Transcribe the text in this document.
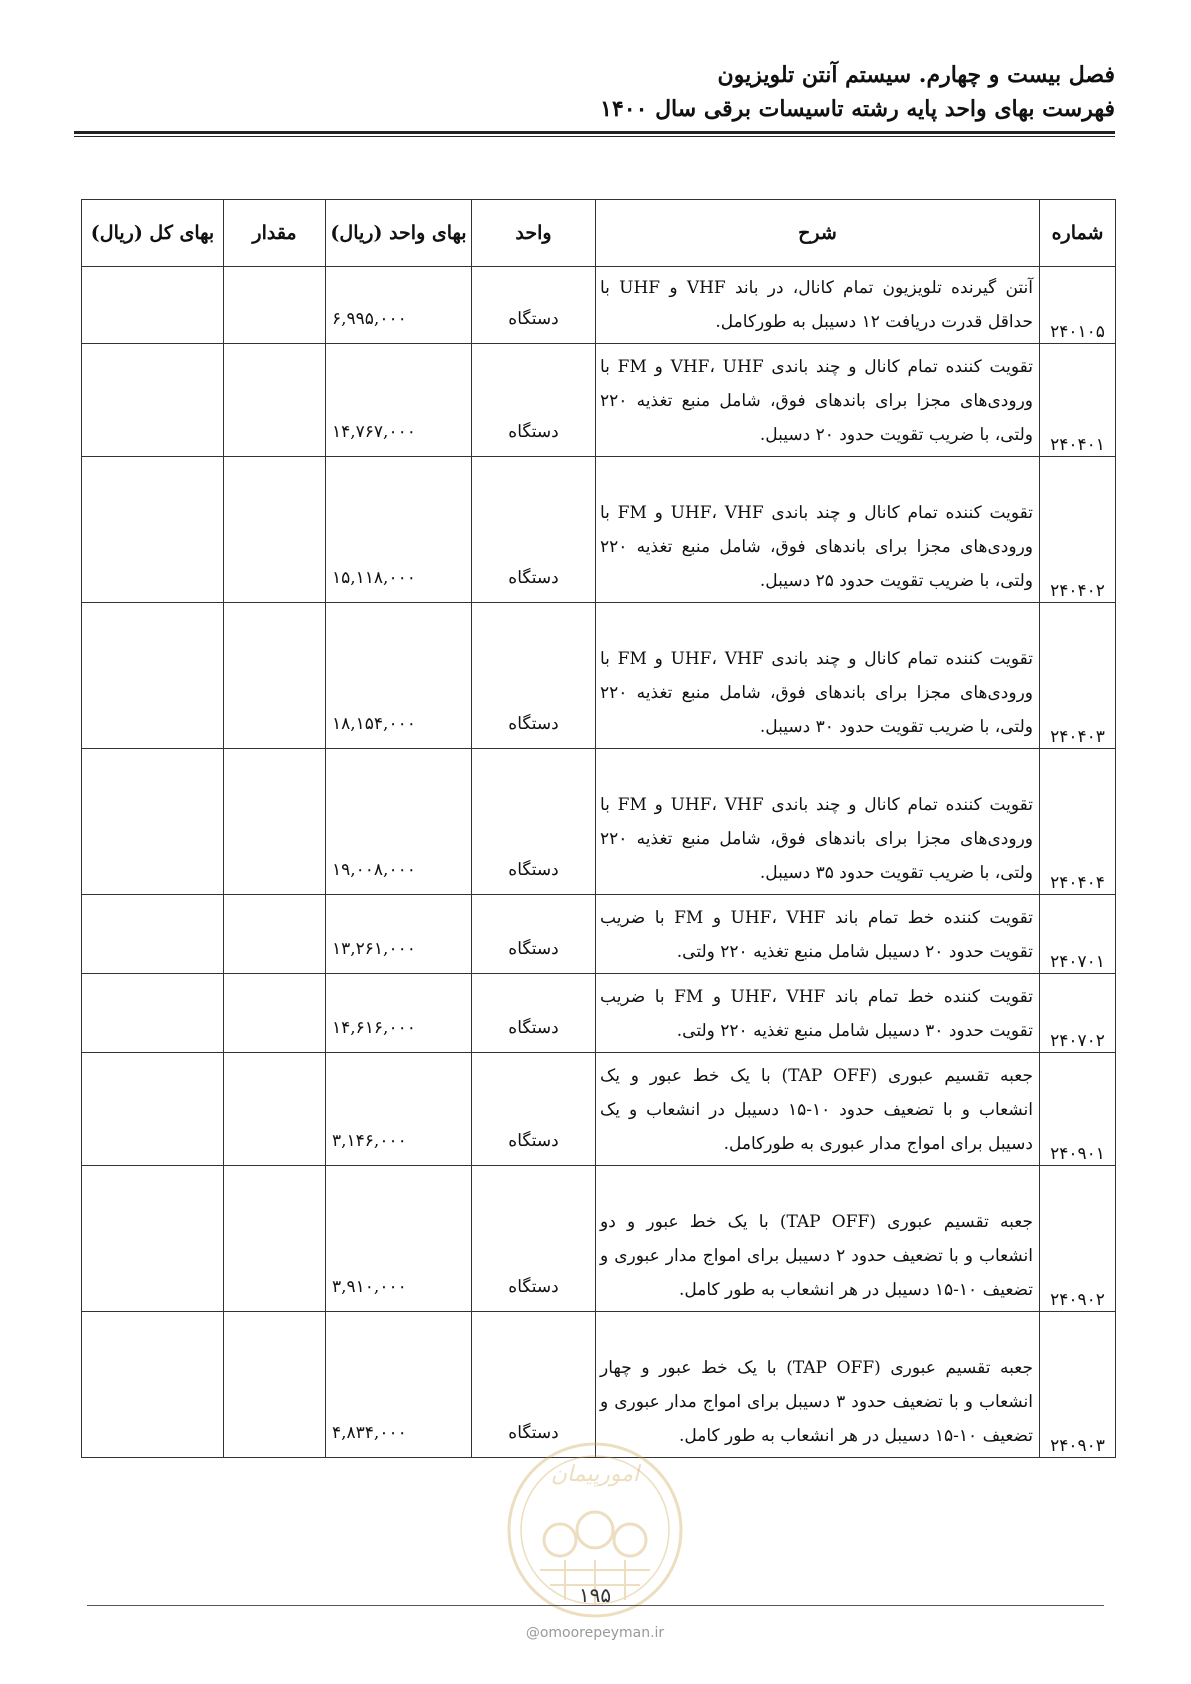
فصل بیست و چهارم. سیستم آنتن تلویزیون
فهرست بهای واحد پایه رشته تاسیسات برقی سال ۱۴۰۰
شماره	شرح	واحد	بهای واحد (ریال)	مقدار	بهای کل (ریال)
۲۴۰۱۰۵	آنتن گیرنده تلویزیون تمام کانال، در باند VHF و UHF با حداقل قدرت دریافت ۱۲ دسیبل به طورکامل.	دستگاه	۶,۹۹۵,۰۰۰		
۲۴۰۴۰۱	تقویت کننده تمام کانال و چند باندی VHF، UHF و FM با ورودی‌های مجزا برای باندهای فوق، شامل منبع تغذیه ۲۲۰ ولتی، با ضریب تقویت حدود ۲۰ دسیبل.	دستگاه	۱۴,۷۶۷,۰۰۰		
۲۴۰۴۰۲	تقویت کننده تمام کانال و چند باندی UHF، VHF و FM با ورودی‌های مجزا برای باندهای فوق، شامل منبع تغذیه ۲۲۰ ولتی، با ضریب تقویت حدود ۲۵ دسیبل.	دستگاه	۱۵,۱۱۸,۰۰۰		
۲۴۰۴۰۳	تقویت کننده تمام کانال و چند باندی UHF، VHF و FM با ورودی‌های مجزا برای باندهای فوق، شامل منبع تغذیه ۲۲۰ ولتی، با ضریب تقویت حدود ۳۰ دسیبل.	دستگاه	۱۸,۱۵۴,۰۰۰		
۲۴۰۴۰۴	تقویت کننده تمام کانال و چند باندی UHF، VHF و FM با ورودی‌های مجزا برای باندهای فوق، شامل منبع تغذیه ۲۲۰ ولتی، با ضریب تقویت حدود ۳۵ دسیبل.	دستگاه	۱۹,۰۰۸,۰۰۰		
۲۴۰۷۰۱	تقویت کننده خط تمام باند UHF، VHF و FM با ضریب تقویت حدود ۲۰ دسیبل شامل منبع تغذیه ۲۲۰ ولتی.	دستگاه	۱۳,۲۶۱,۰۰۰		
۲۴۰۷۰۲	تقویت کننده خط تمام باند UHF، VHF و FM با ضریب تقویت حدود ۳۰ دسیبل شامل منبع تغذیه ۲۲۰ ولتی.	دستگاه	۱۴,۶۱۶,۰۰۰		
۲۴۰۹۰۱	جعبه تقسیم عبوری (TAP OFF) با یک خط عبور و یک انشعاب و با تضعیف حدود ۱۰-۱۵ دسیبل در انشعاب و یک دسیبل برای امواج مدار عبوری به طورکامل.	دستگاه	۳,۱۴۶,۰۰۰		
۲۴۰۹۰۲	جعبه تقسیم عبوری (TAP OFF) با یک خط عبور و دو انشعاب و با تضعیف حدود ۲ دسیبل برای امواج مدار عبوری و تضعیف ۱۰-۱۵ دسیبل در هر انشعاب به طور کامل.	دستگاه	۳,۹۱۰,۰۰۰		
۲۴۰۹۰۳	جعبه تقسیم عبوری (TAP OFF) با یک خط عبور و چهار انشعاب و با تضعیف حدود ۳ دسیبل برای امواج مدار عبوری و تضعیف ۱۰-۱۵ دسیبل در هر انشعاب به طور کامل.	دستگاه	۴,۸۳۴,۰۰۰		
امورپیمان
۱۹۵
@omoorepeyman.ir
